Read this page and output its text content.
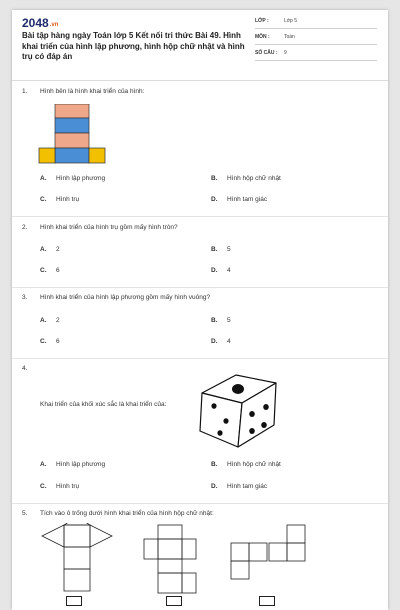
2048.vn
Bài tập hàng ngày Toán lớp 5 Kết nối tri thức Bài 49. Hình khai triển của hình lập phương, hình hộp chữ nhật và hình trụ có đáp án
LỚP :	Lớp 5
MÔN :	Toán
SỐ CÂU : 9
1. Hình bên là hình khai triển của hình:
A. Hình lập phương	B. Hình hộp chữ nhật
C. Hình trụ	D. Hình tam giác
2. Hình khai triển của hình trụ gồm mấy hình tròn?
A. 2	B. 5
C. 6	D. 4
3. Hình khai triển của hình lập phương gồm mấy hình vuông?
A. 2	B. 5
C. 6	D. 4
4.
Khai triển của khối xúc sắc là khai triển của:
A. Hình lập phương	B. Hình hộp chữ nhật
C. Hình trụ	D. Hình tam giác
5. Tích vào ô trống dưới hình khai triển của hình hộp chữ nhật:
